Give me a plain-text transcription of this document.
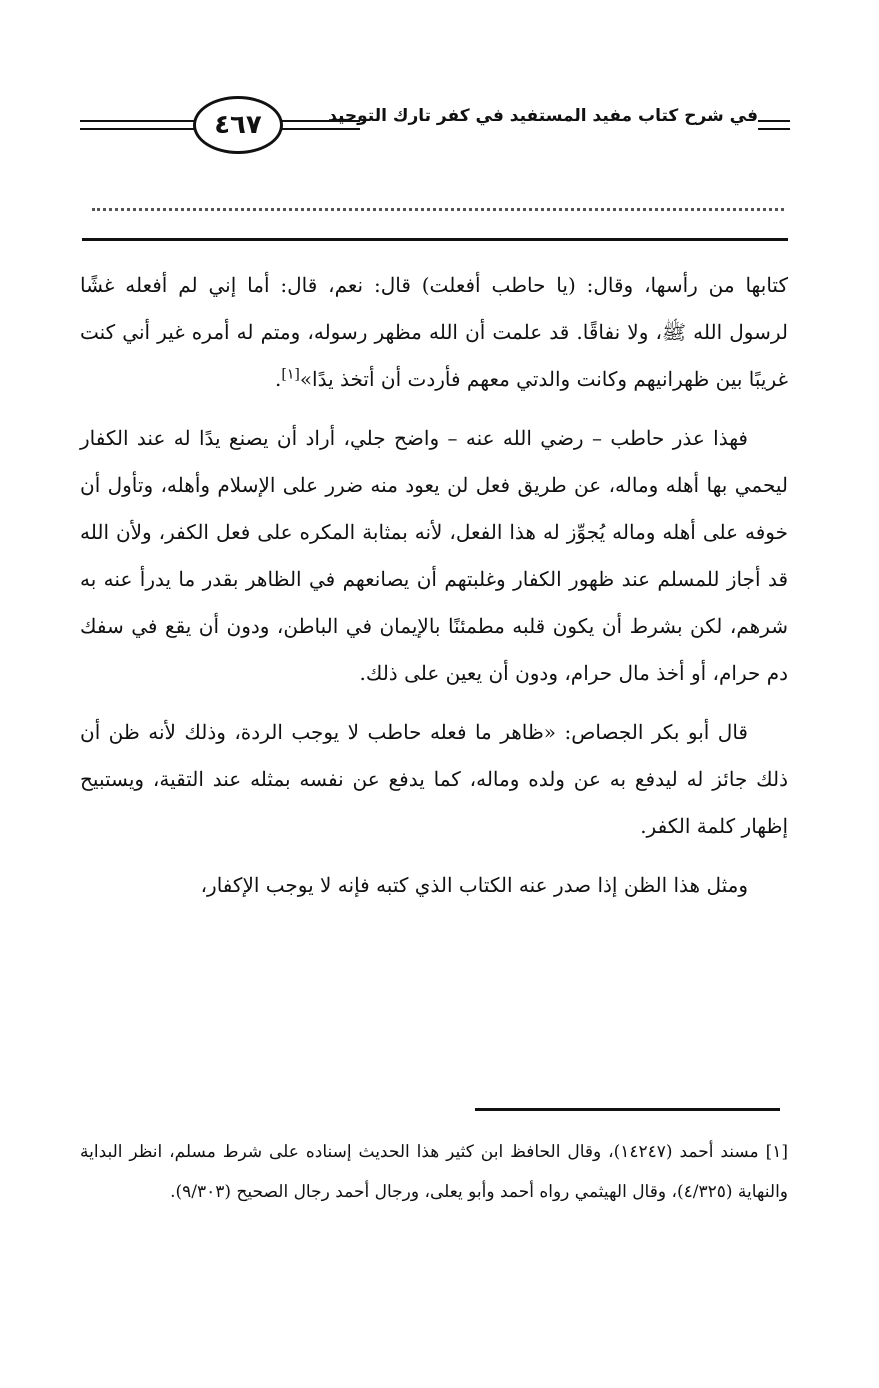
٤٦٧	في شرح كتاب مفيد المستفيد في كفر تارك التوحيد

كتابها من رأسها، وقال: (يا حاطب أفعلت) قال: نعم، قال: أما إني لم أفعله غشًا لرسول الله ﷺ، ولا نفاقًا. قد علمت أن الله مظهر رسوله، ومتم له أمره غير أني كنت غريبًا بين ظهرانيهم وكانت والدتي معهم فأردت أن أتخذ يدًا»[١].

فهذا عذر حاطب – رضي الله عنه – واضح جلي، أراد أن يصنع يدًا له عند الكفار ليحمي بها أهله وماله، عن طريق فعل لن يعود منه ضرر على الإسلام وأهله، وتأول أن خوفه على أهله وماله يُجوِّز له هذا الفعل، لأنه بمثابة المكره على فعل الكفر، ولأن الله قد أجاز للمسلم عند ظهور الكفار وغلبتهم أن يصانعهم في الظاهر بقدر ما يدرأ عنه به شرهم، لكن بشرط أن يكون قلبه مطمئنًا بالإيمان في الباطن، ودون أن يقع في سفك دم حرام، أو أخذ مال حرام، ودون أن يعين على ذلك.

قال أبو بكر الجصاص: «ظاهر ما فعله حاطب لا يوجب الردة، وذلك لأنه ظن أن ذلك جائز له ليدفع به عن ولده وماله، كما يدفع عن نفسه بمثله عند التقية، ويستبيح إظهار كلمة الكفر.

ومثل هذا الظن إذا صدر عنه الكتاب الذي كتبه فإنه لا يوجب الإكفار،

[١] مسند أحمد (١٤٢٤٧)، وقال الحافظ ابن كثير هذا الحديث إسناده على شرط مسلم، انظر البداية والنهاية (٤/٣٢٥)، وقال الهيثمي رواه أحمد وأبو يعلى، ورجال أحمد رجال الصحيح (٩/٣٠٣).
